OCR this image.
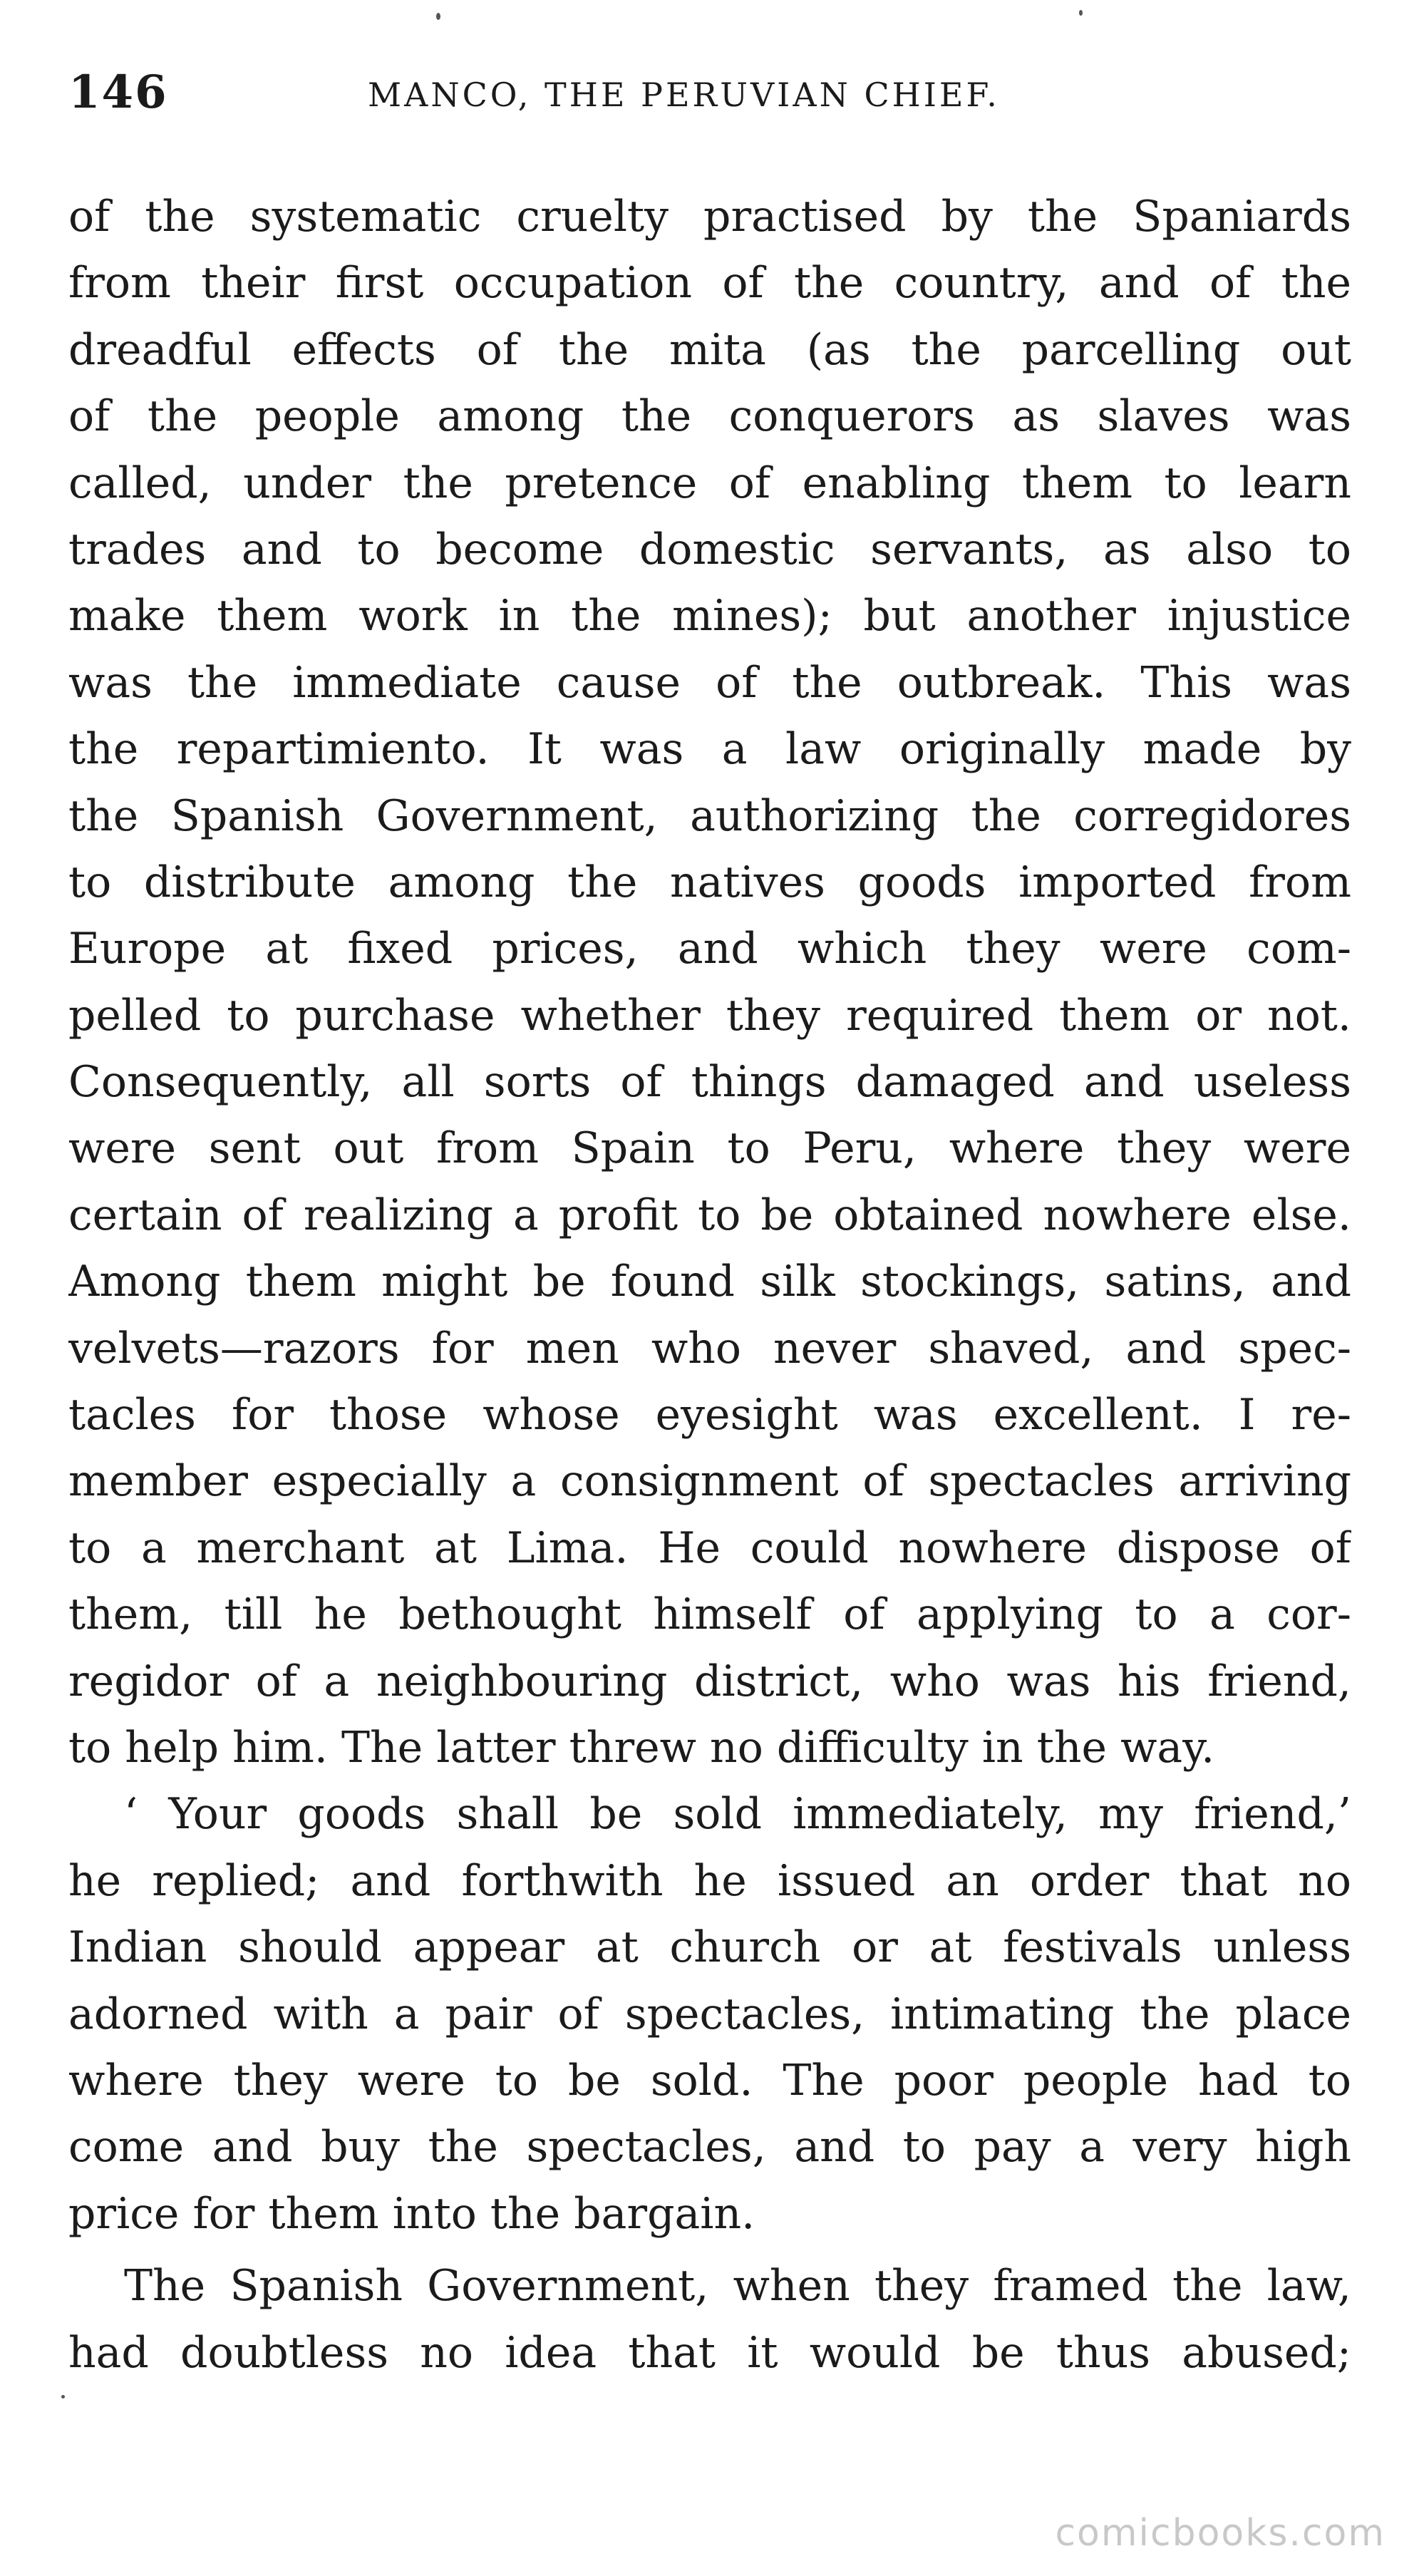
146	MANCO, THE PERUVIAN CHIEF.
of the systematic cruelty practised by the Spaniards
from their first occupation of the country, and of the
dreadful effects of the mita (as the parcelling out
of the people among the conquerors as slaves was
called, under the pretence of enabling them to learn
trades and to become domestic servants, as also to
make them work in the mines); but another injustice
was the immediate cause of the outbreak. This was
the repartimiento. It was a law originally made by
the Spanish Government, authorizing the corregidores
to distribute among the natives goods imported from
Europe at fixed prices, and which they were com-
pelled to purchase whether they required them or not.
Consequently, all sorts of things damaged and useless
were sent out from Spain to Peru, where they were
certain of realizing a profit to be obtained nowhere else.
Among them might be found silk stockings, satins, and
velvets—razors for men who never shaved, and spec-
tacles for those whose eyesight was excellent. I re-
member especially a consignment of spectacles arriving
to a merchant at Lima. He could nowhere dispose of
them, till he bethought himself of applying to a cor-
regidor of a neighbouring district, who was his friend,
to help him. The latter threw no difficulty in the way.
‘ Your goods shall be sold immediately, my friend,’
he replied; and forthwith he issued an order that no
Indian should appear at church or at festivals unless
adorned with a pair of spectacles, intimating the place
where they were to be sold. The poor people had to
come and buy the spectacles, and to pay a very high
price for them into the bargain.
The Spanish Government, when they framed the law,
had doubtless no idea that it would be thus abused;
comicbooks.com
